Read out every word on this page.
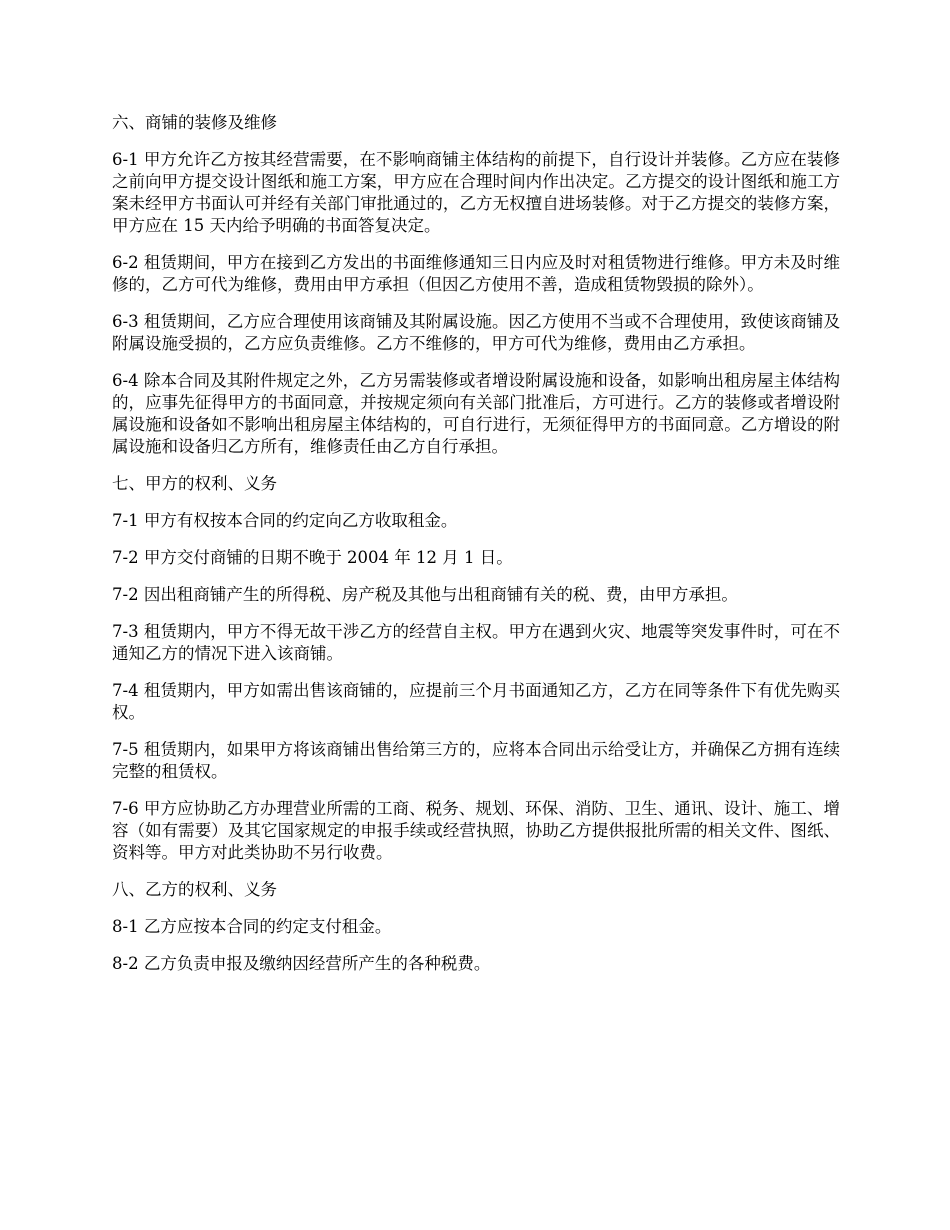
六、商铺的装修及维修

6-1 甲方允许乙方按其经营需要，在不影响商铺主体结构的前提下，自行设计并装修。乙方应在装修之前向甲方提交设计图纸和施工方案，甲方应在合理时间内作出决定。乙方提交的设计图纸和施工方案未经甲方书面认可并经有关部门审批通过的，乙方无权擅自进场装修。对于乙方提交的装修方案，甲方应在 15 天内给予明确的书面答复决定。

6-2 租赁期间，甲方在接到乙方发出的书面维修通知三日内应及时对租赁物进行维修。甲方未及时维修的，乙方可代为维修，费用由甲方承担（但因乙方使用不善，造成租赁物毁损的除外）。

6-3 租赁期间，乙方应合理使用该商铺及其附属设施。因乙方使用不当或不合理使用，致使该商铺及附属设施受损的，乙方应负责维修。乙方不维修的，甲方可代为维修，费用由乙方承担。

6-4 除本合同及其附件规定之外，乙方另需装修或者增设附属设施和设备，如影响出租房屋主体结构的，应事先征得甲方的书面同意，并按规定须向有关部门批准后，方可进行。乙方的装修或者增设附属设施和设备如不影响出租房屋主体结构的，可自行进行，无须征得甲方的书面同意。乙方增设的附属设施和设备归乙方所有，维修责任由乙方自行承担。

七、甲方的权利、义务

7-1 甲方有权按本合同的约定向乙方收取租金。

7-2 甲方交付商铺的日期不晚于 2004 年 12 月 1 日。

7-2 因出租商铺产生的所得税、房产税及其他与出租商铺有关的税、费，由甲方承担。

7-3 租赁期内，甲方不得无故干涉乙方的经营自主权。甲方在遇到火灾、地震等突发事件时，可在不通知乙方的情况下进入该商铺。

7-4 租赁期内，甲方如需出售该商铺的，应提前三个月书面通知乙方，乙方在同等条件下有优先购买权。

7-5 租赁期内，如果甲方将该商铺出售给第三方的，应将本合同出示给受让方，并确保乙方拥有连续完整的租赁权。

7-6 甲方应协助乙方办理营业所需的工商、税务、规划、环保、消防、卫生、通讯、设计、施工、增容（如有需要）及其它国家规定的申报手续或经营执照，协助乙方提供报批所需的相关文件、图纸、资料等。甲方对此类协助不另行收费。

八、乙方的权利、义务

8-1 乙方应按本合同的约定支付租金。

8-2 乙方负责申报及缴纳因经营所产生的各种税费。
